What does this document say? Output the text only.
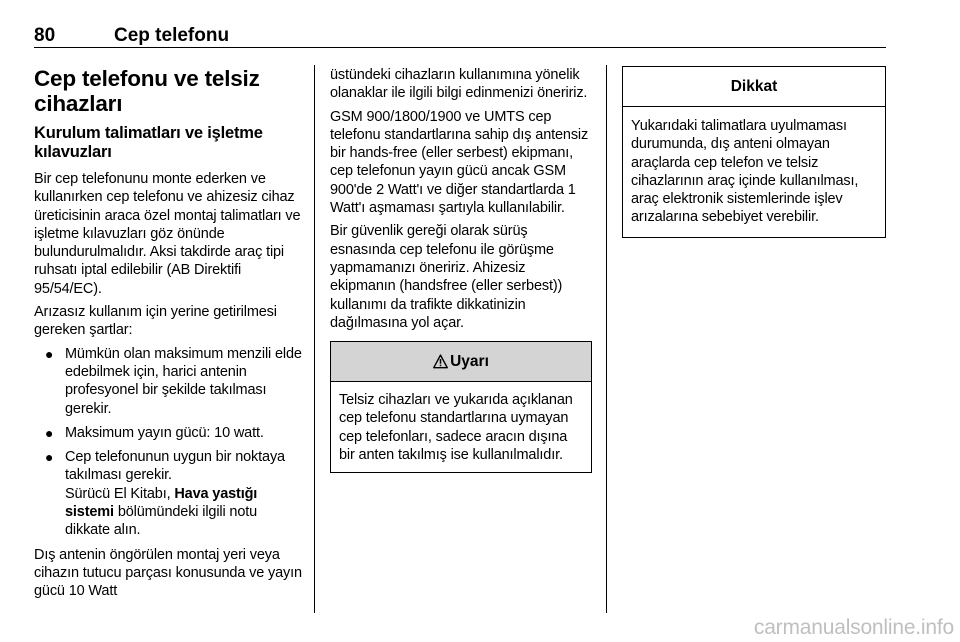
80	Cep telefonu
Cep telefonu ve telsiz
cihazları
Kurulum talimatları ve işletme
kılavuzları

Bir cep telefonunu monte ederken ve kullanırken cep telefonu ve ahizesiz cihaz üreticisinin araca özel montaj talimatları ve işletme kılavuzları göz önünde bulundurulmalıdır. Aksi takdirde araç tipi ruhsatı iptal edilebilir (AB Direktifi 95/54/EC).

Arızasız kullanım için yerine getirilmesi gereken şartlar:

● Mümkün olan maksimum menzili elde edebilmek için, harici antenin profesyonel bir şekilde takılması gerekir.
● Maksimum yayın gücü: 10 watt.
● Cep telefonunun uygun bir noktaya takılması gerekir.
Sürücü El Kitabı, Hava yastığı sistemi bölümündeki ilgili notu dikkate alın.

Dış antenin öngörülen montaj yeri veya cihazın tutucu parçası konusunda ve yayın gücü 10 Watt

üstündeki cihazların kullanımına yönelik olanaklar ile ilgili bilgi edinmenizi öneririz.

GSM 900/1800/1900 ve UMTS cep telefonu standartlarına sahip dış antensiz bir hands-free (eller serbest) ekipmanı, cep telefonun yayın gücü ancak GSM 900'de 2 Watt'ı ve diğer standartlarda 1 Watt'ı aşmaması şartıyla kullanılabilir.

Bir güvenlik gereği olarak sürüş esnasında cep telefonu ile görüşme yapmamanızı öneririz. Ahizesiz ekipmanın (handsfree (eller serbest)) kullanımı da trafikte dikkatinizin dağılmasına yol açar.

Uyarı

Telsiz cihazları ve yukarıda açıklanan cep telefonu standartlarına uymayan cep telefonları, sadece aracın dışına bir anten takılmış ise kullanılmalıdır.

Dikkat

Yukarıdaki talimatlara uyulmaması durumunda, dış anteni olmayan araçlarda cep telefon ve telsiz cihazlarının araç içinde kullanılması, araç elektronik sistemlerinde işlev arızalarına sebebiyet verebilir.

carmanualsonline.info
